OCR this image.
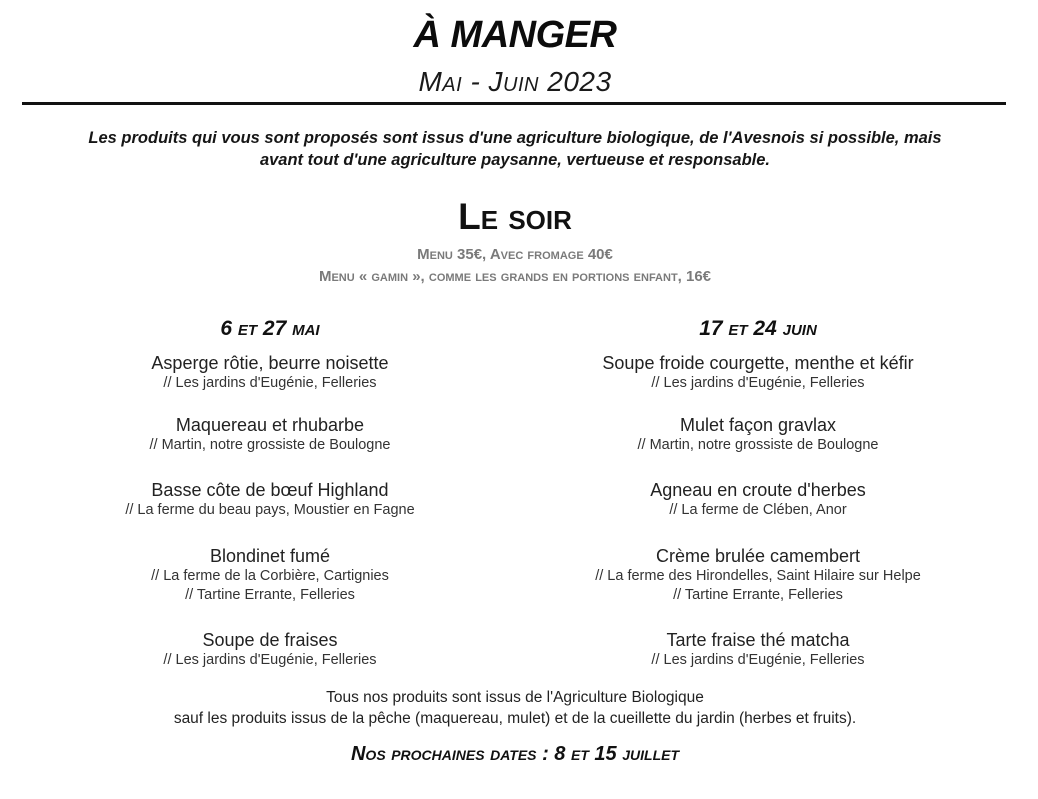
À MANGER
Mai - Juin 2023
Les produits qui vous sont proposés sont issus d'une agriculture biologique, de l'Avesnois si possible, mais
avant tout d'une agriculture paysanne, vertueuse et responsable.
Le soir
Menu 35€, Avec fromage 40€
Menu « gamin », comme les grands en portions enfant, 16€
6 et 27 mai
Asperge rôtie, beurre noisette
// Les jardins d'Eugénie, Felleries
Maquereau et rhubarbe
// Martin, notre grossiste de Boulogne
Basse côte de bœuf Highland
// La ferme du beau pays, Moustier en Fagne
Blondinet fumé
// La ferme de la Corbière, Cartignies
// Tartine Errante, Felleries
Soupe de fraises
// Les jardins d'Eugénie, Felleries
17 et 24 juin
Soupe froide courgette, menthe et kéfir
// Les jardins d'Eugénie, Felleries
Mulet façon gravlax
// Martin, notre grossiste de Boulogne
Agneau en croute d'herbes
// La ferme de Clében, Anor
Crème brulée camembert
// La ferme des Hirondelles, Saint Hilaire sur Helpe
// Tartine Errante, Felleries
Tarte fraise thé matcha
// Les jardins d'Eugénie, Felleries
Tous nos produits sont issus de l'Agriculture Biologique
sauf les produits issus de la pêche (maquereau, mulet) et de la cueillette du jardin (herbes et fruits).
Nos prochaines dates : 8 et 15 juillet
